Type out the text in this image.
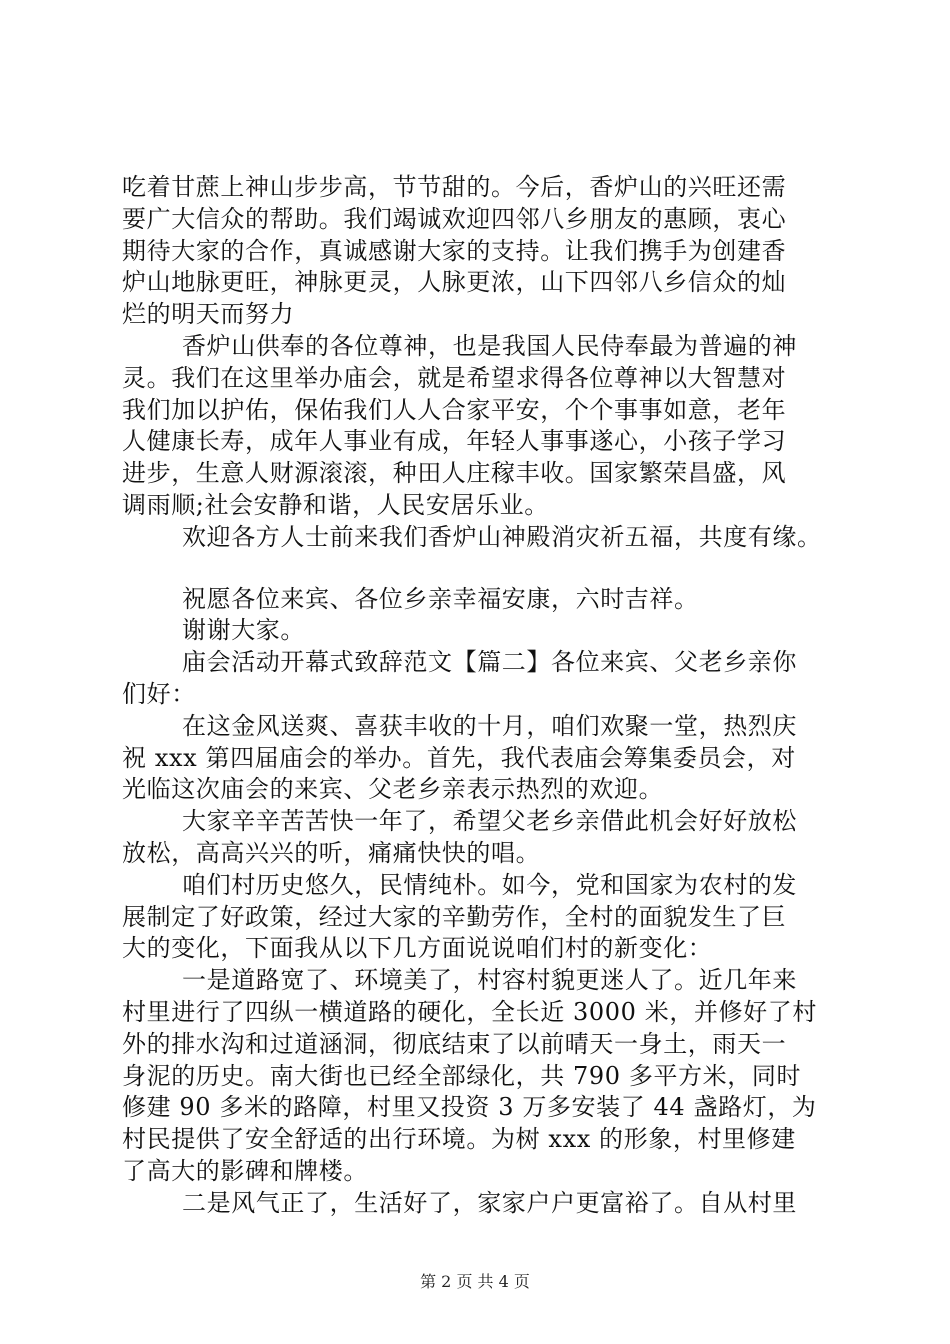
吃着甘蔗上神山步步高，节节甜的。今后，香炉山的兴旺还需
要广大信众的帮助。我们竭诚欢迎四邻八乡朋友的惠顾，衷心
期待大家的合作，真诚感谢大家的支持。让我们携手为创建香
炉山地脉更旺，神脉更灵，人脉更浓，山下四邻八乡信众的灿
烂的明天而努力
香炉山供奉的各位尊神，也是我国人民侍奉最为普遍的神
灵。我们在这里举办庙会，就是希望求得各位尊神以大智慧对
我们加以护佑，保佑我们人人合家平安，个个事事如意，老年
人健康长寿，成年人事业有成，年轻人事事遂心，小孩子学习
进步，生意人财源滚滚，种田人庄稼丰收。国家繁荣昌盛，风
调雨顺;社会安静和谐，人民安居乐业。
欢迎各方人士前来我们香炉山神殿消灾祈五福，共度有缘。
祝愿各位来宾、各位乡亲幸福安康，六时吉祥。
谢谢大家。
庙会活动开幕式致辞范文【篇二】各位来宾、父老乡亲你
们好：
在这金风送爽、喜获丰收的十月，咱们欢聚一堂，热烈庆
祝 xxx 第四届庙会的举办。首先，我代表庙会筹集委员会，对
光临这次庙会的来宾、父老乡亲表示热烈的欢迎。
大家辛辛苦苦快一年了，希望父老乡亲借此机会好好放松
放松，高高兴兴的听，痛痛快快的唱。
咱们村历史悠久，民情纯朴。如今，党和国家为农村的发
展制定了好政策，经过大家的辛勤劳作，全村的面貌发生了巨
大的变化，下面我从以下几方面说说咱们村的新变化：
一是道路宽了、环境美了，村容村貌更迷人了。近几年来
村里进行了四纵一横道路的硬化，全长近 3000 米，并修好了村
外的排水沟和过道涵洞，彻底结束了以前晴天一身土，雨天一
身泥的历史。南大街也已经全部绿化，共 790 多平方米，同时
修建 90 多米的路障，村里又投资 3 万多安装了 44 盏路灯，为
村民提供了安全舒适的出行环境。为树 xxx 的形象，村里修建
了高大的影碑和牌楼。
二是风气正了，生活好了，家家户户更富裕了。自从村里
第 2 页 共 4 页
